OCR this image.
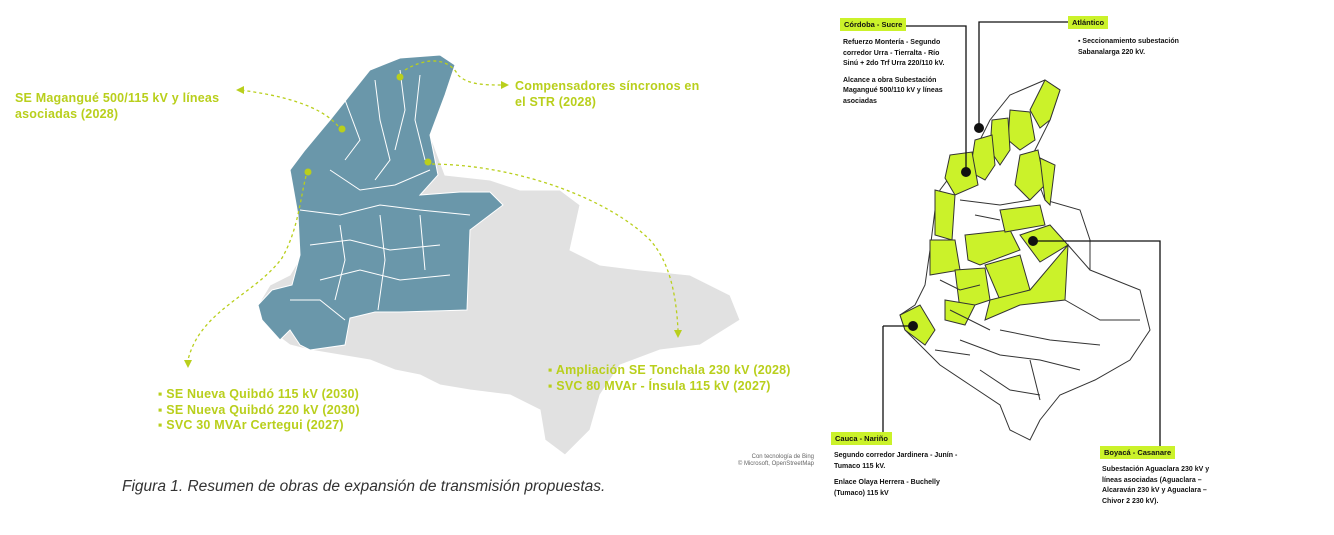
SE Magangué 500/115 kV y líneas
asociadas (2028)
Compensadores síncronos en
el STR (2028)
▪ Ampliación SE Tonchala 230 kV (2028)
▪ SVC 80 MVAr - Ínsula 115 kV (2027)
▪ SE Nueva Quibdó 115 kV (2030)
▪ SE Nueva Quibdó 220 kV (2030)
▪ SVC 30 MVAr Certegui (2027)
Con tecnología de Bing
© Microsoft, OpenStreetMap
Figura 1. Resumen de obras de expansión de transmisión propuestas.
Córdoba - Sucre

Refuerzo Montería - Segundo corredor Urra - Tierralta - Río Sinú + 2do Trf Urra 220/110 kV.

Alcance a obra Subestación Magangué 500/110 kV y líneas asociadas

Atlántico

▪ Seccionamiento subestación Sabanalarga 220 kV.

Cauca - Nariño

Segundo corredor Jardinera - Junín - Tumaco 115 kV.

Enlace Olaya Herrera - Buchelly (Tumaco) 115 kV

Boyacá - Casanare

Subestación Aguaclara 230 kV y líneas asociadas (Aguaclara – Alcaraván 230 kV y Aguaclara – Chivor 2 230 kV).
